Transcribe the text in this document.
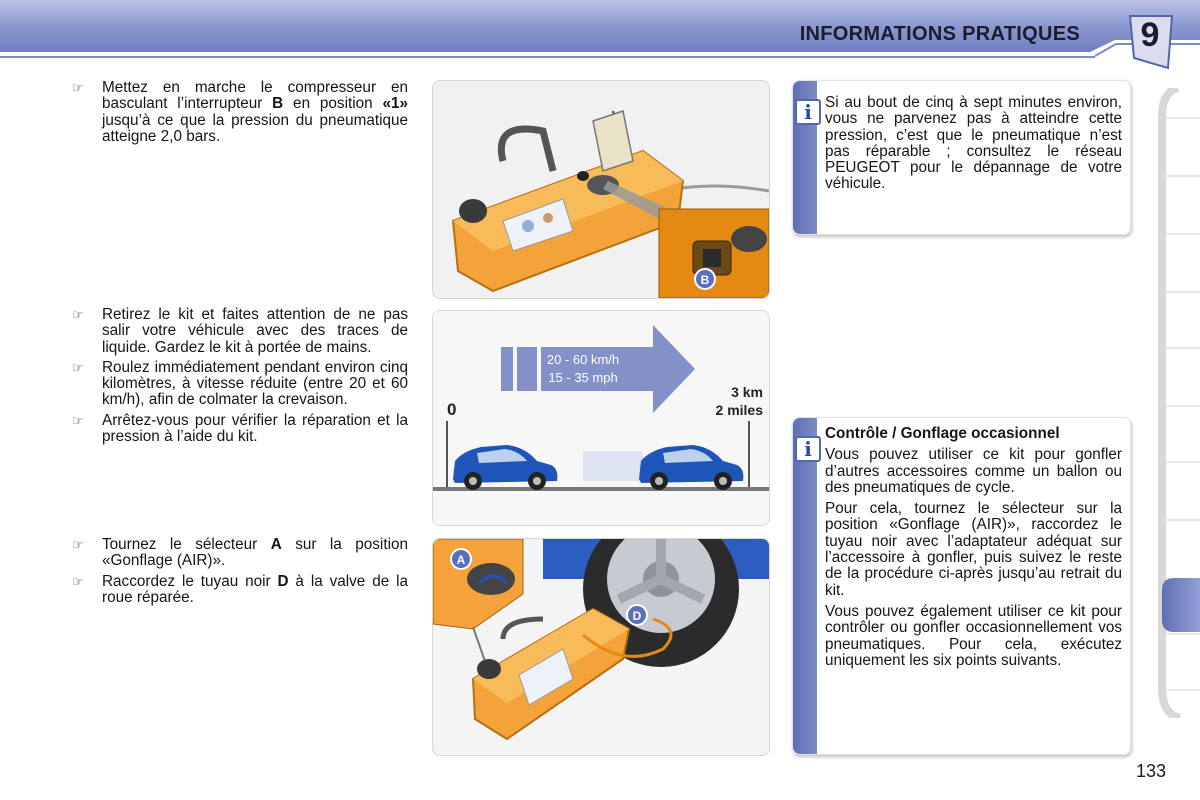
INFORMATIONS PRATIQUES 9
☞ Mettez en marche le compresseur en basculant l’interrupteur B en position «1» jusqu’à ce que la pression du pneumatique atteigne 2,0 bars.
☞ Retirez le kit et faites attention de ne pas salir votre véhicule avec des traces de liquide. Gardez le kit à portée de mains.
☞ Roulez immédiatement pendant environ cinq kilomètres, à vitesse réduite (entre 20 et 60 km/h), afin de colmater la crevaison.
☞ Arrêtez-vous pour vérifier la réparation et la pression à l’aide du kit.
☞ Tournez le sélecteur A sur la position «Gonflage (AIR)».
☞ Raccordez le tuyau noir D à la valve de la roue réparée.
B
20 - 60 km/h
15 - 35 mph
0
3 km
2 miles
A
D
i Si au bout de cinq à sept minutes environ, vous ne parvenez pas à atteindre cette pression, c’est que le pneumatique n’est pas réparable ; consultez le réseau PEUGEOT pour le dépannage de votre véhicule.
i

Contrôle / Gonflage occasionnel

Vous pouvez utiliser ce kit pour gonfler d’autres accessoires comme un ballon ou des pneumatiques de cycle.

Pour cela, tournez le sélecteur sur la position «Gonflage (AIR)», raccordez le tuyau noir avec l’adaptateur adéquat sur l’accessoire à gonfler, puis suivez le reste de la procédure ci-après jusqu’au retrait du kit.

Vous pouvez également utiliser ce kit pour contrôler ou gonfler occasionnellement vos pneumatiques. Pour cela, exécutez uniquement les six points suivants.

133
